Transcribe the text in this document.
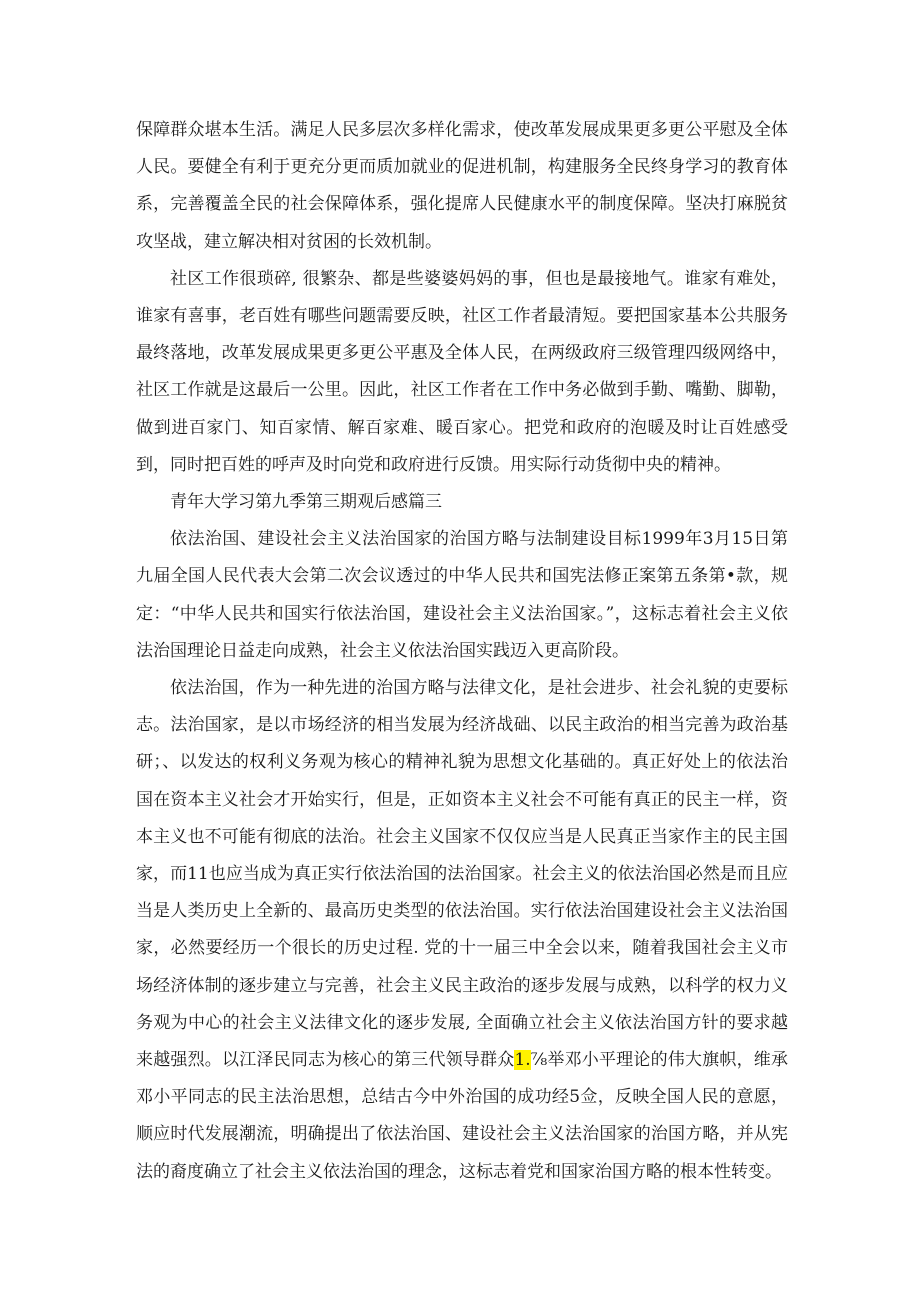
保障群众堪本生活。满足人民多层次多样化需求，使改革发展成果更多更公平慰及全体人民。要健全有利于更充分更而质加就业的促进机制，构建服务全民终身学习的教育体系，完善覆盖全民的社会保障体系，强化提席人民健康水平的制度保障。坚决打麻脱贫攻坚战，建立解决相对贫困的长效机制。

社区工作很琐碎, 很繁杂、都是些婆婆妈妈的事，但也是最接地气。谁家有难处，谁家有喜事，老百姓有哪些问题需要反映，社区工作者最清短。要把国家基本公共服务最终落地，改革发展成果更多更公平惠及全体人民，在两级政府三级管理四级网络中，社区工作就是这最后一公里。因此，社区工作者在工作中务必做到手勤、嘴勤、脚勒，做到进百家门、知百家情、解百家难、暖百家心。把党和政府的泡暖及时让百姓感受到，同时把百姓的呼声及时向党和政府进行反馈。用实际行动货彻中央的精神。

青年大学习第九季第三期观后感篇三

依法治国、建设社会主义法治国家的治国方略与法制建设目标1999年3月15日第九届全国人民代表大会第二次会议透过的中华人民共和国宪法修正案第五条第•款，规定：“中华人民共和国实行依法治国，建设社会主义法治国家。”，这标志着社会主义依法治国理论日益走向成熟，社会主义依法治国实践迈入更高阶段。

依法治国，作为一种先进的治国方略与法律文化，是社会进步、社会礼貌的吏要标志。法治国家，是以市场经济的相当发展为经济战础、以民主政治的相当完善为政治基研；、以发达的权利义务观为核心的精神礼貌为思想文化基础的。真正好处上的依法治国在资本主义社会才开始实行，但是，正如资本主义社会不可能有真正的民主一样，资本主义也不可能有彻底的法治。社会主义国家不仅仅应当是人民真正当家作主的民主国家，而11也应当成为真正实行依法治国的法治国家。社会主义的依法治国必然是而且应当是人类历史上全新的、最高历史类型的依法治国。实行依法治国建设社会主义法治国家，必然要经历一个很长的历史过程. 党的十一届三中全会以来，随着我国社会主义市场经济体制的逐步建立与完善，社会主义民主政治的逐步发展与成熟，以科学的权力义务观为中心的社会主义法律文化的逐步发展, 全面确立社会主义依法治国方针的要求越来越强烈。以江泽民同志为核心的第三代领导群众1.⅞举邓小平理论的伟大旗帜，维承邓小平同志的民主法治思想，总结古今中外治国的成功经5佥，反映全国人民的意愿，顺应时代发展潮流，明确提出了依法治国、建设社会主义法治国家的治国方略，并从宪法的裔度确立了社会主义依法治国的理念，这标志着党和国家治国方略的根本性转变。
